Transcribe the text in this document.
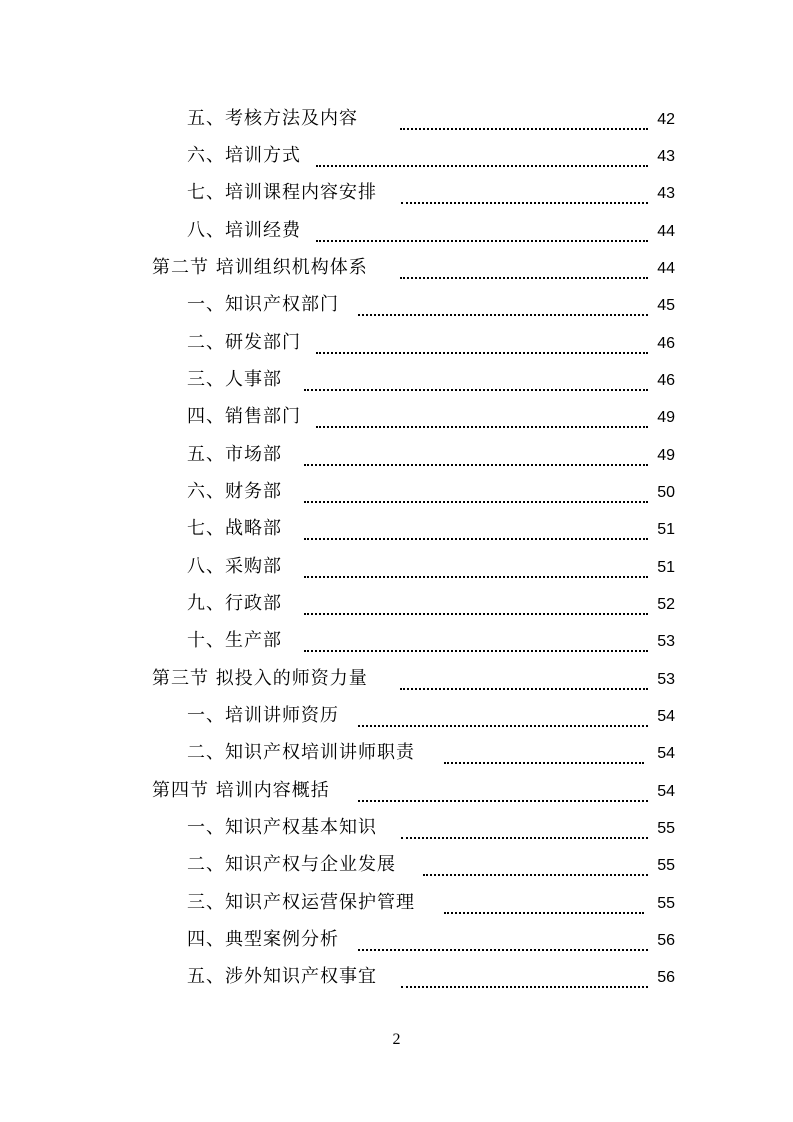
五、考核方法及内容	42
六、培训方式	43
七、培训课程内容安排	43
八、培训经费	44
第二节 培训组织机构体系	44
一、知识产权部门	45
二、研发部门	46
三、人事部	46
四、销售部门	49
五、市场部	49
六、财务部	50
七、战略部	51
八、采购部	51
九、行政部	52
十、生产部	53
第三节 拟投入的师资力量	53
一、培训讲师资历	54
二、知识产权培训讲师职责	54
第四节 培训内容概括	54
一、知识产权基本知识	55
二、知识产权与企业发展	55
三、知识产权运营保护管理	55
四、典型案例分析	56
五、涉外知识产权事宜	56
2
